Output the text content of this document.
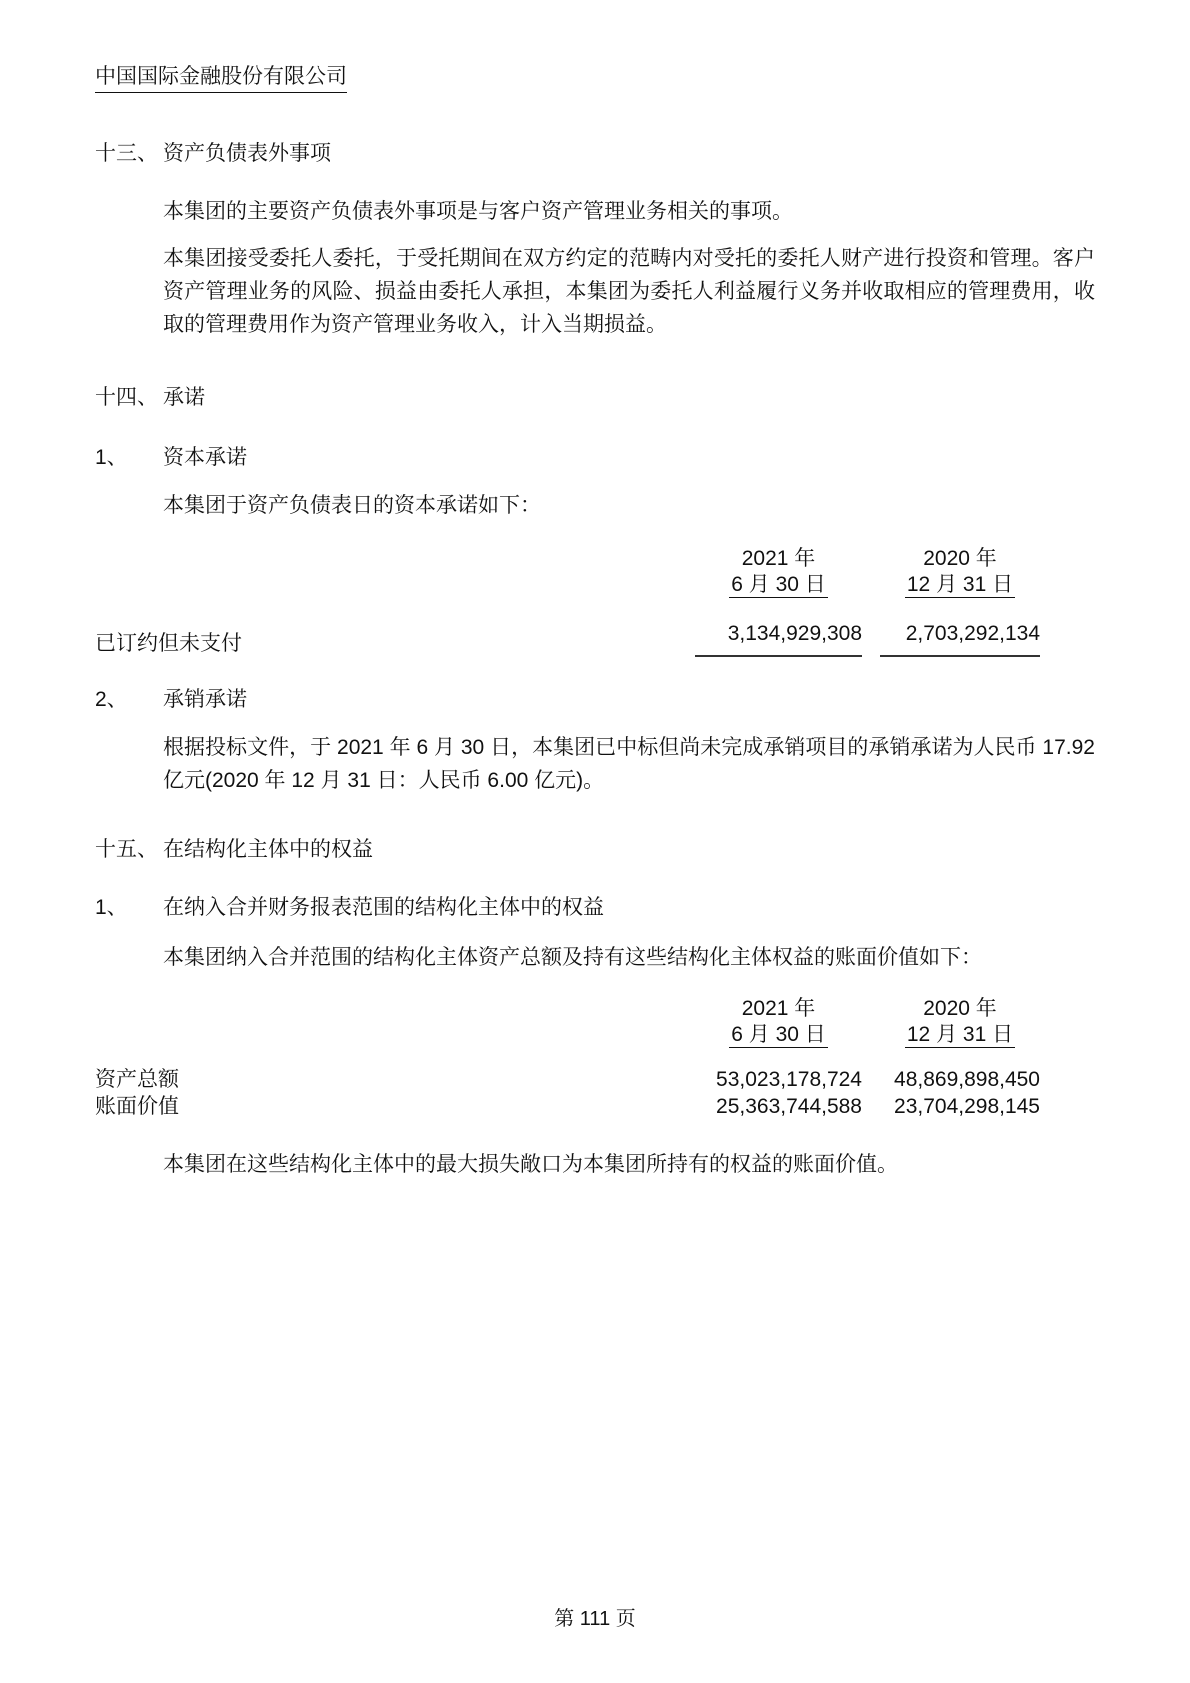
中国国际金融股份有限公司
十三、 资产负债表外事项

本集团的主要资产负债表外事项是与客户资产管理业务相关的事项。

本集团接受委托人委托，于受托期间在双方约定的范畴内对受托的委托人财产进行投资和管理。客户资产管理业务的风险、损益由委托人承担，本集团为委托人利益履行义务并收取相应的管理费用，收取的管理费用作为资产管理业务收入，计入当期损益。

十四、 承诺
1、	资本承诺

本集团于资产负债表日的资本承诺如下：

2021 年
6 月 30 日
2020 年
12 月 31 日
已订约但未支付	3,134,929,308	2,703,292,134
2、	承销承诺

根据投标文件，于 2021 年 6 月 30 日，本集团已中标但尚未完成承销项目的承销承诺为人民币 17.92 亿元(2020 年 12 月 31 日：人民币 6.00 亿元)。

十五、 在结构化主体中的权益
1、	在纳入合并财务报表范围的结构化主体中的权益

本集团纳入合并范围的结构化主体资产总额及持有这些结构化主体权益的账面价值如下：

2021 年
6 月 30 日
2020 年
12 月 31 日
资产总额	53,023,178,724	48,869,898,450
账面价值	25,363,744,588	23,704,298,145

本集团在这些结构化主体中的最大损失敞口为本集团所持有的权益的账面价值。

第 111 页
